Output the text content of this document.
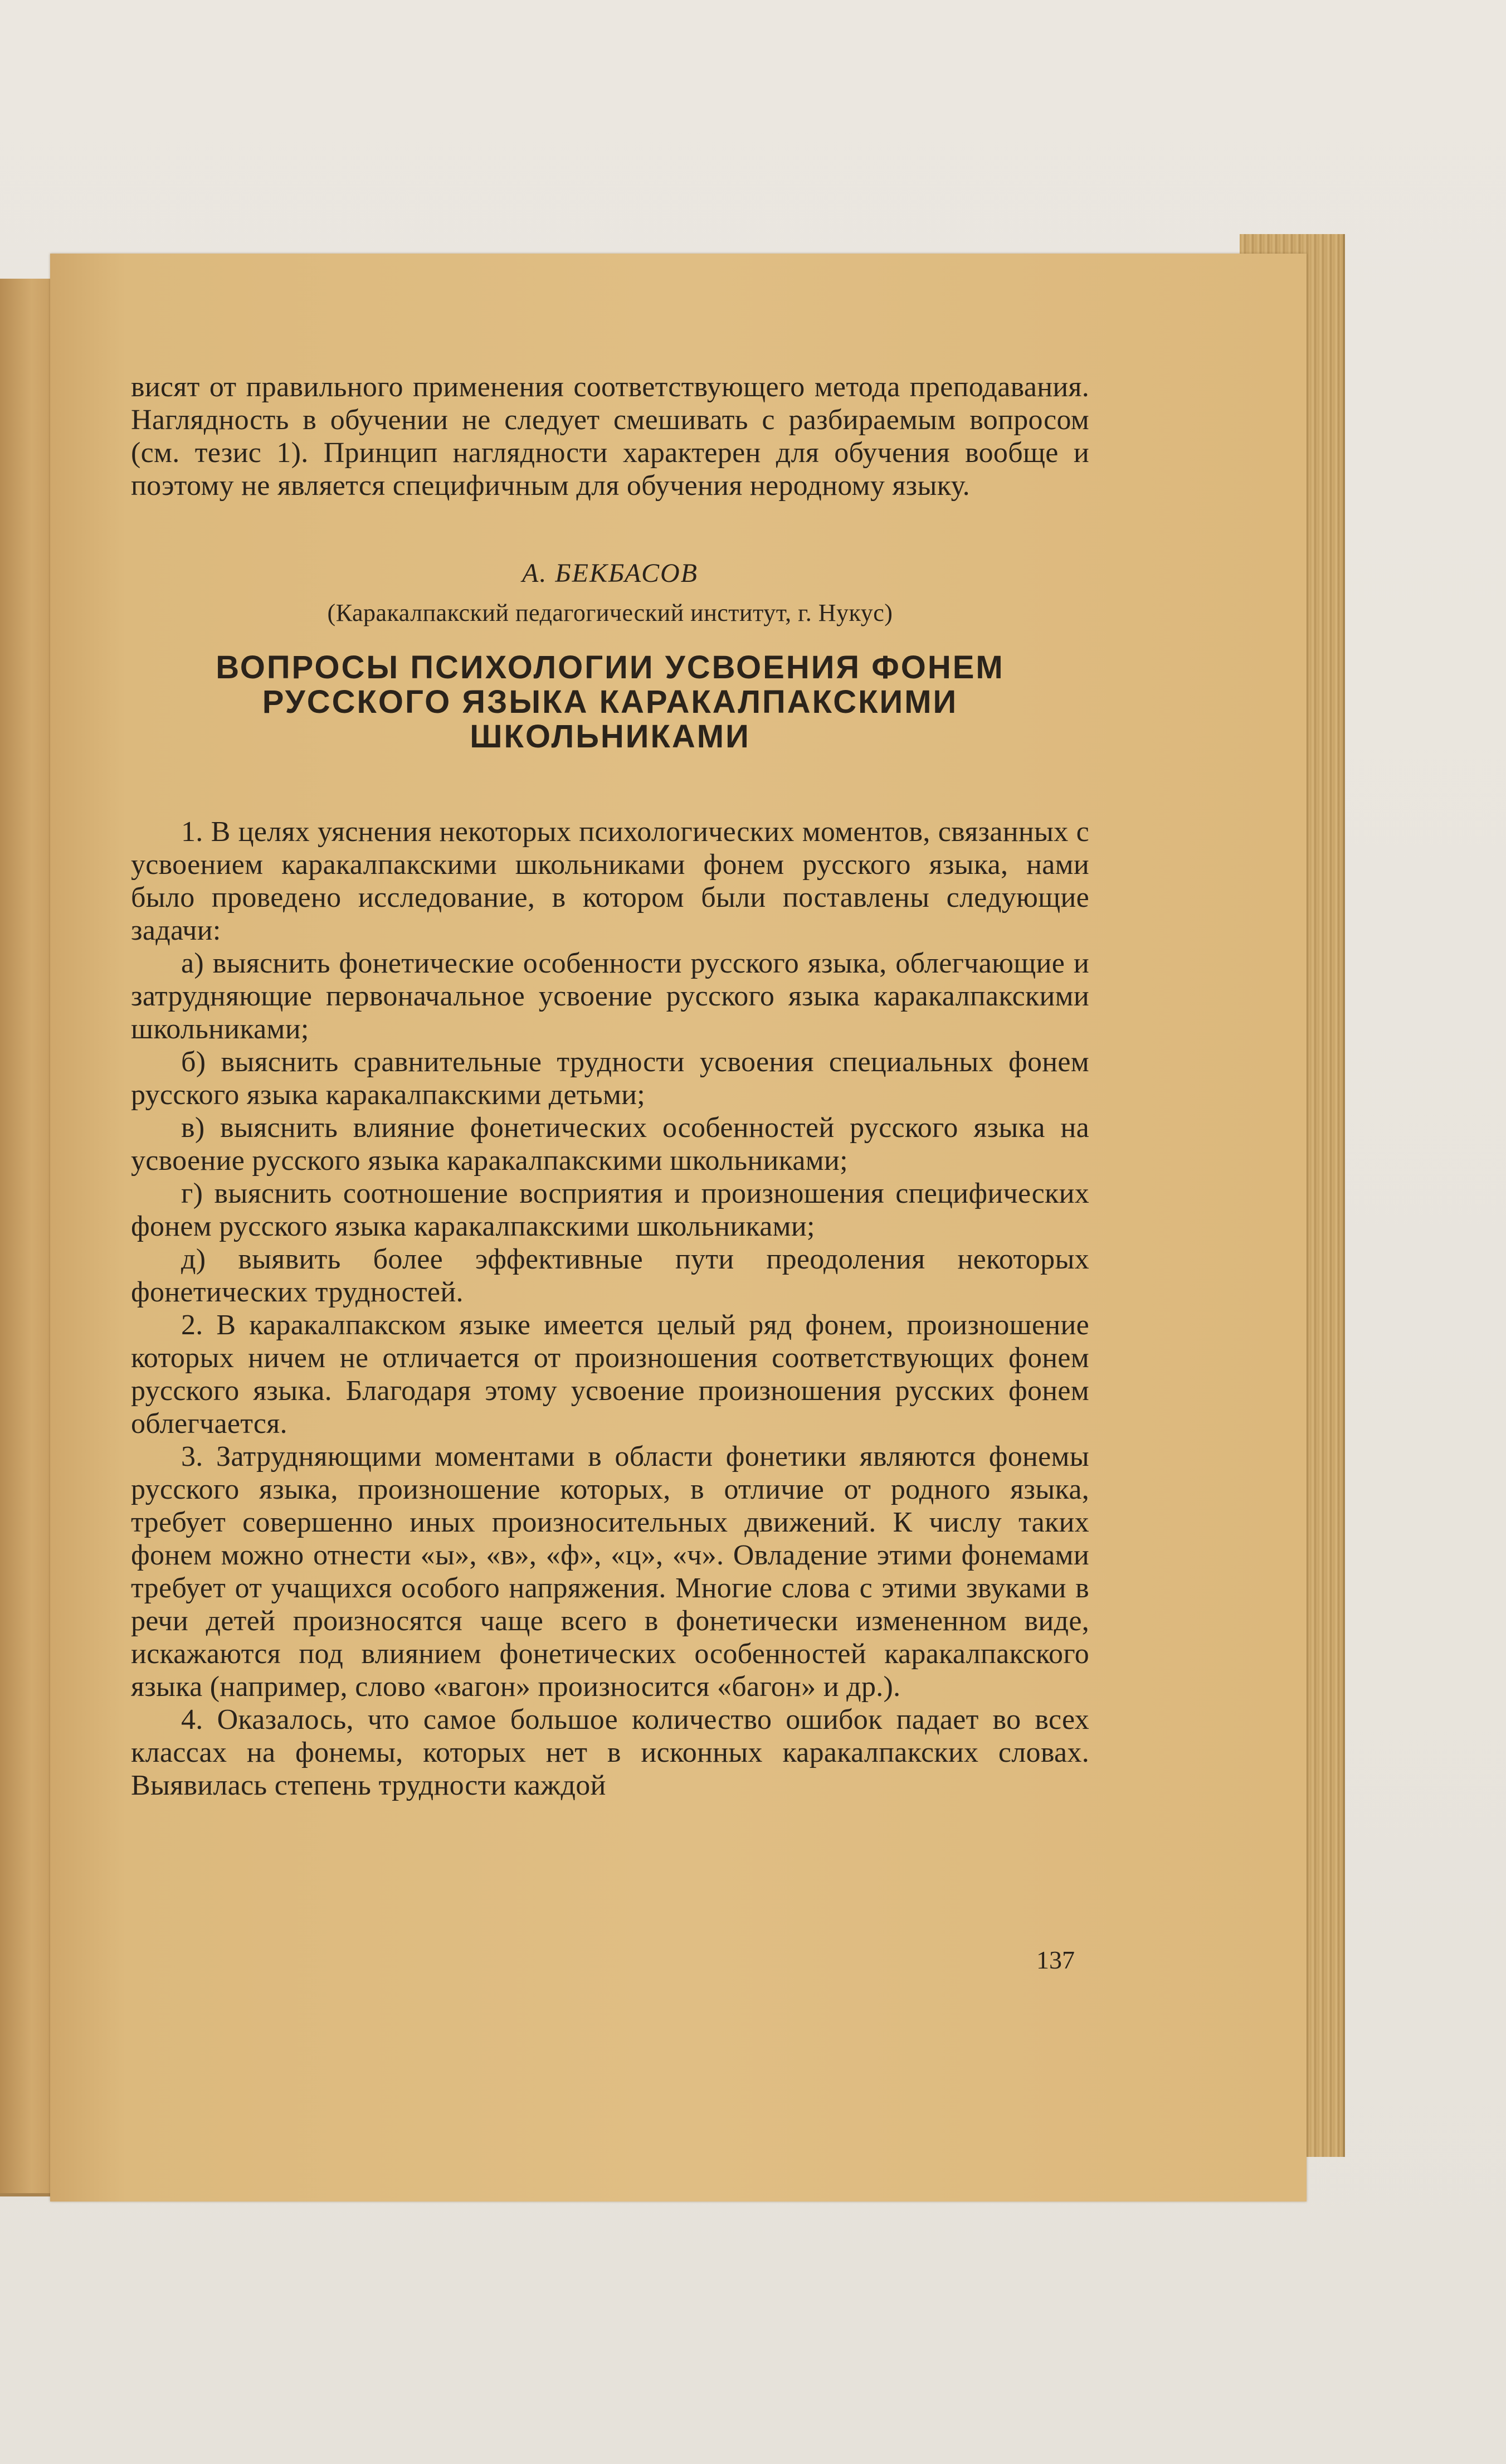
висят от правильного применения соответствующего метода преподавания. Наглядность в обучении не следует смешивать с разбираемым вопросом (см. тезис 1). Принцип наглядности характерен для обучения вообще и поэтому не является специфичным для обучения неродному языку.

А. БЕКБАСОВ

(Каракалпакский педагогический институт, г. Нукус)

ВОПРОСЫ ПСИХОЛОГИИ УСВОЕНИЯ ФОНЕМ РУССКОГО ЯЗЫКА КАРАКАЛПАКСКИМИ ШКОЛЬНИКАМИ

1. В целях уяснения некоторых психологических моментов, связанных с усвоением каракалпакскими школьниками фонем русского языка, нами было проведено исследование, в котором были поставлены следующие задачи:

а) выяснить фонетические особенности русского языка, облегчающие и затрудняющие первоначальное усвоение русского языка каракалпакскими школьниками;

б) выяснить сравнительные трудности усвоения специальных фонем русского языка каракалпакскими детьми;

в) выяснить влияние фонетических особенностей русского языка на усвоение русского языка каракалпакскими школьниками;

г) выяснить соотношение восприятия и произношения специфических фонем русского языка каракалпакскими школьниками;

д) выявить более эффективные пути преодоления некоторых фонетических трудностей.

2. В каракалпакском языке имеется целый ряд фонем, произношение которых ничем не отличается от произношения соответствующих фонем русского языка. Благодаря этому усвоение произношения русских фонем облегчается.

3. Затрудняющими моментами в области фонетики являются фонемы русского языка, произношение которых, в отличие от родного языка, требует совершенно иных произносительных движений. К числу таких фонем можно отнести «ы», «в», «ф», «ц», «ч». Овладение этими фонемами требует от учащихся особого напряжения. Многие слова с этими звуками в речи детей произносятся чаще всего в фонетически измененном виде, искажаются под влиянием фонетических особенностей каракалпакского языка (например, слово «вагон» произносится «багон» и др.).

4. Оказалось, что самое большое количество ошибок падает во всех классах на фонемы, которых нет в исконных каракалпакских словах. Выявилась степень трудности каждой

137
